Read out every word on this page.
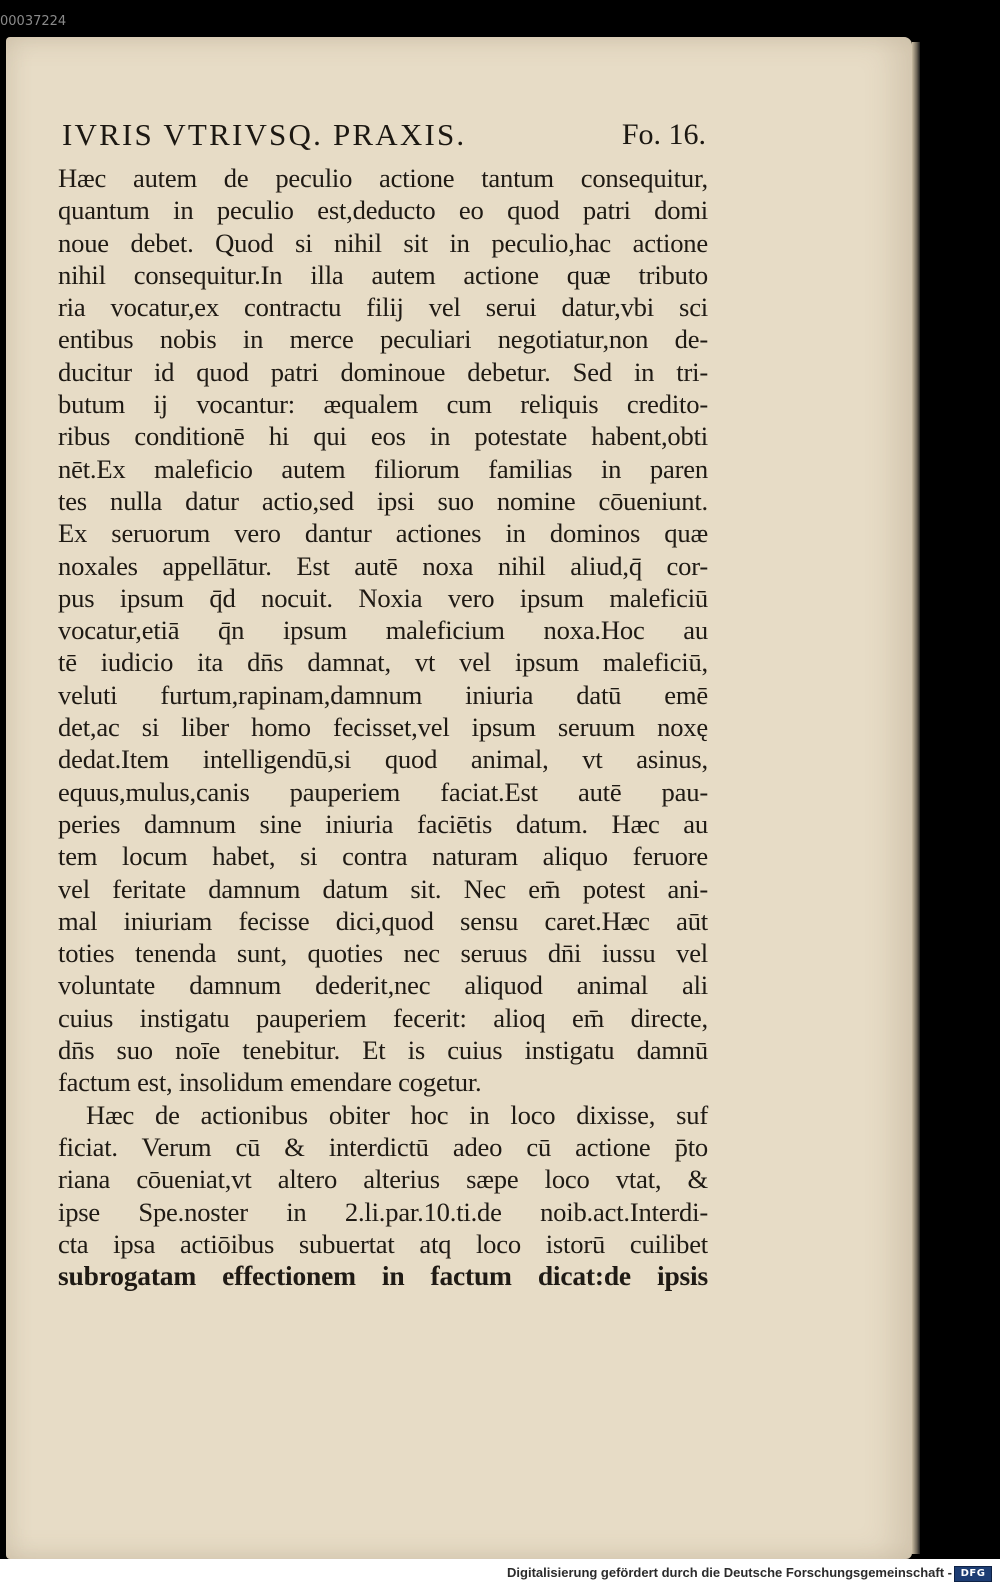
00037224
IVRIS VTRIVSQ. PRAXIS.	Fo. 16.
Hæc autem de peculio actione tantum consequitur,
quantum in peculio est,deducto eo quod patri domi
noue debet. Quod si nihil sit in peculio,hac actione
nihil consequitur.In illa autem actione quæ tributo
ria vocatur,ex contractu filij vel serui datur,vbi sci
entibus nobis in merce peculiari negotiatur,non de-
ducitur id quod patri dominoue debetur. Sed in tri-
butum ij vocantur: æqualem cum reliquis credito-
ribus conditionē hi qui eos in potestate habent,obti
nēt.Ex maleficio autem filiorum familias in paren
tes nulla datur actio,sed ipsi suo nomine cōueniunt.
Ex seruorum vero dantur actiones in dominos quæ
noxales appellātur. Est autē noxa nihil aliud,q̄ cor-
pus ipsum q̄d nocuit. Noxia vero ipsum maleficiū
vocatur,etiā q̄n ipsum maleficium noxa.Hoc au
tē iudicio ita dn̄s damnat, vt vel ipsum maleficiū,
veluti furtum,rapinam,damnum iniuria datū emē
det,ac si liber homo fecisset,vel ipsum seruum noxę
dedat.Item intelligendū,si quod animal, vt asinus,
equus,mulus,canis pauperiem faciat.Est autē pau-
peries damnum sine iniuria faciētis datum. Hæc au
tem locum habet, si contra naturam aliquo feruore
vel feritate damnum datum sit. Nec em̄ potest ani-
mal iniuriam fecisse dici,quod sensu caret.Hæc aūt
toties tenenda sunt, quoties nec seruus dn̄i iussu vel
voluntate damnum dederit,nec aliquod animal ali
cuius instigatu pauperiem fecerit: alioq em̄ directe,
dn̄s suo noīe tenebitur. Et is cuius instigatu damnū
factum est, insolidum emendare cogetur.
Hæc de actionibus obiter hoc in loco dixisse, suf
ficiat. Verum cū & interdictū adeo cū actione p̄to
riana cōueniat,vt altero alterius sæpe loco vtat, &
ipse Spe.noster in 2.li.par.10.ti.de noib.act.Interdi-
cta ipsa actiōibus subuertat atq loco istorū cuilibet
subrogatam effectionem in factum dicat:de ipsis
Digitalisierung gefördert durch die Deutsche Forschungsgemeinschaft - DFG
